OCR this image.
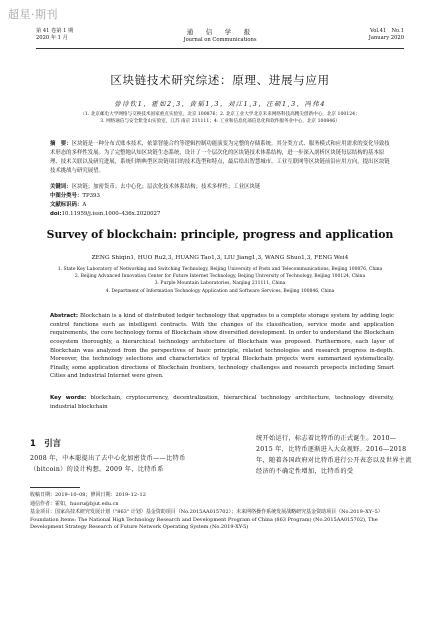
超星·期刊
第 41 卷第 1 期
2020 年 1 月
通　信　学　报
Journal on Communications
Vol.41　No.1
January 2020
区块链技术研究综述：原理、进展与应用
曾诗钦1，霍如2,3，黄韬1,3，刘江1,3，汪硕1,3，冯伟4
（1. 北京邮电大学网络与交换技术国家重点实验室，北京 100876；2. 北京工业大学北京未来网络科技高精尖创新中心，北京 100124；
3. 网络通信与安全紫金山实验室，江苏 南京 211111；4. 工业和信息化部信息化和软件服务业中心，北京 100846）
摘　要：区块链是一种分布式账本技术，依靠智能合约等逻辑控制功能演变为完整的存储系统。其分类方式、服务模式和应用需求的变化导致技术形态的多样性发展。为了完整地认知区块链生态系统，设计了一个层次化的区块链技术体系结构，进一步深入剖析区块链每层结构的基本原理、技术关联以及研究进展，系统归纳典型区块链项目的技术选型和特点，最后给出智慧城市、工业互联网等区块链前沿应用方向，提出区块链技术挑战与研究展望。
关键词：区块链；加密货币；去中心化；层次化技术体系结构；技术多样性；工业区块链
中图分类号：TP393
文献标识码：A
doi:10.11959/j.issn.1000–436x.2020027
Survey of blockchain: principle, progress and application
ZENG Shiqin1, HUO Ru2,3, HUANG Tao1,3, LIU Jiang1,3, WANG Shuo1,3, FENG Wei4
1. State Key Laboratory of Networking and Switching Technology, Beijing University of Posts and Telecommunications, Beijing 100876, China
2. Beijing Advanced Innovation Center for Future Internet Technology, Beijing University of Technology, Beijing 100124, China
3. Purple Mountain Laboratories, Nanjing 211111, China
4. Department of Information Technology Application and Software Services, Beijing 100846, China
Abstract: Blockchain is a kind of distributed ledger technology that upgrades to a complete storage system by adding logic control functions such as intelligent contracts. With the changes of its classification, service mode and application requirements, the core technology forms of Blockchain show diversified development. In order to understand the Blockchain ecosystem thoroughly, a hierarchical technology architecture of Blockchain was proposed. Furthermore, each layer of Blockchain was analyzed from the perspectives of basic principle, related technologies and research progress in-depth. Moreover, the technology selections and characteristics of typical Blockchain projects were summarized systematically. Finally, some application directions of Blockchain frontiers, technology challenges and research prospects including Smart Cities and Industrial Internet were given.
Key words: blockchain, cryptocurrency, decentralization, hierarchical technology architecture, technology diversity, industrial blockchain
1　引言
2008 年，中本聪提出了去中心化加密货币——比特币（bitcoin）的设计构想。2009 年，比特币系
统开始运行，标志着比特币的正式诞生。2010—2015 年，比特币逐渐进入大众视野。2016—2018 年，随着各国政府对比特币进行公开表态以及世界主流经济的不确定性增加，比特币的受
收稿日期：2019–10–08；修回日期：2019–12–12
通信作者：霍如，huoru@bjut.edu.cn
基金项目：国家高技术研究发展计划（"863" 计划）基金资助项目（No.2015AA015702）；未来网络操作系统发展战略研究基金资助项目（No.2019–XY–5）
Foundation Items: The National High Technology Research and Development Program of China (863 Program) (No.2015AA015702), The Development Strategy Research of Future Network Operating System (No.2019-XY-5)
